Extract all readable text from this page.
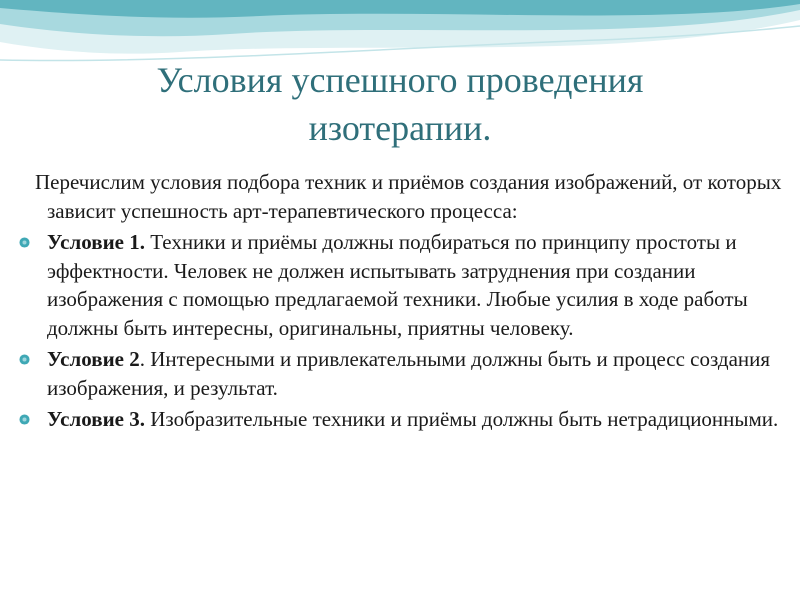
Условия успешного проведения
изотерапии.

Перечислим условия подбора техник и приёмов создания изображений, от которых зависит успешность арт-терапевтического процесса:

Условие 1. Техники и приёмы должны подбираться по принципу простоты и эффектности. Человек не должен испытывать затруднения при создании изображения с помощью предлагаемой техники. Любые усилия в ходе работы должны быть интересны, оригинальны, приятны человеку.
Условие 2. Интересными и привлекательными должны быть и процесс создания изображения, и результат.
Условие 3. Изобразительные техники и приёмы должны быть нетрадиционными.
